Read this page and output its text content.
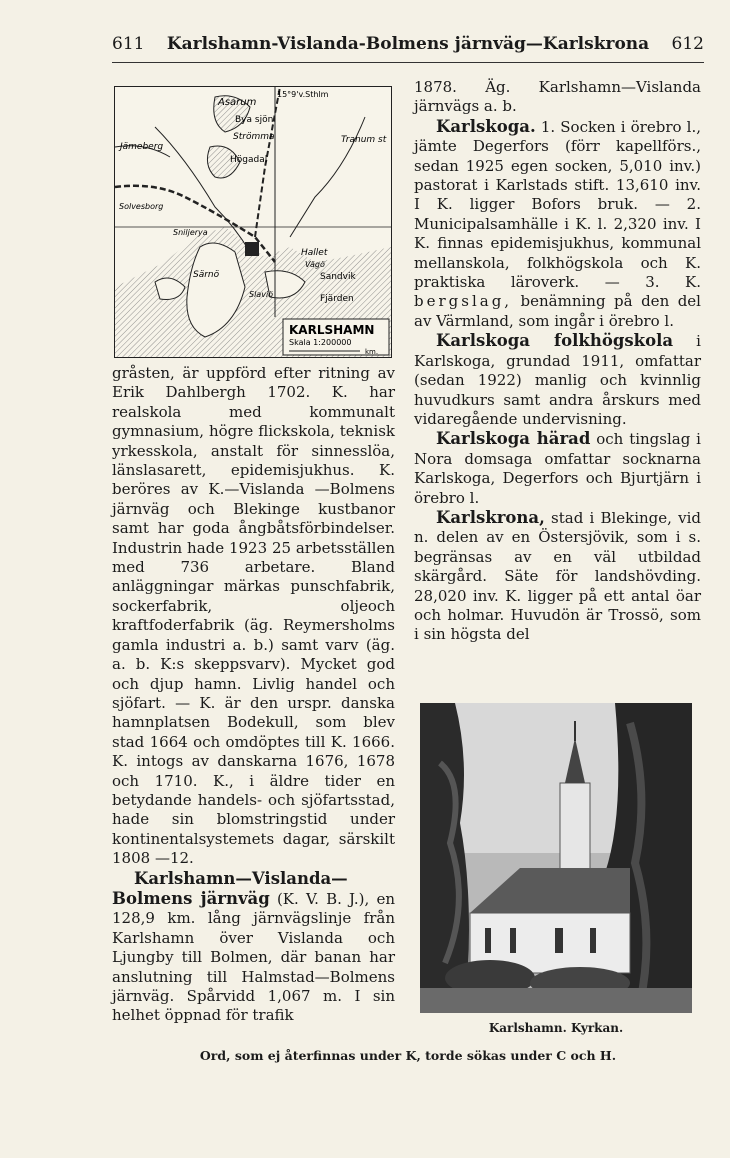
611 Karlshamn-Vislanda-Bolmens järnväg—Karlskrona 612
Asarum
Bya sjön
Strömma
Jämeberg
Högadal
Tranum st
Solvesborg
Sniljerya
Hallet
Vägö
Särnö	Sandvik
Fjärden
Slaviö
15°9'v.Sthlm
KARLSHAMN
Skala 1:200000
km.

gråsten, är uppförd efter ritning av Erik Dahlbergh 1702. K. har realskola med kommunalt gymnasium, högre flickskola, teknisk yrkesskola, anstalt för sinnesslöa, länslasarett, epidemisjukhus. K. beröres av K.—Vislanda —Bolmens järnväg och Blekinge kustbanor samt har goda ångbåtsförbindelser. Industrin hade 1923 25 arbetsställen med 736 arbetare. Bland anläggningar märkas punschfabrik, sockerfabrik, oljeoch kraftfoderfabrik (äg. Reymersholms gamla industri a. b.) samt varv (äg. a. b. K:s skeppsvarv). Mycket god och djup hamn. Livlig handel och sjöfart. — K. är den urspr. danska hamnplatsen Bodekull, som blev stad 1664 och omdöptes till K. 1666. K. intogs av danskarna 1676, 1678 och 1710. K., i äldre tider en betydande handels- och sjöfartsstad, hade sin blomstringstid under kontinentalsystemets dagar, särskilt 1808 —12.

Karlshamn—Vislanda—Bolmens järnväg (K. V. B. J.), en 128,9 km. lång järnvägslinje från Karlshamn över Vislanda och Ljungby till Bolmen, där banan har anslutning till Halmstad—Bolmens järnväg. Spårvidd 1,067 m. I sin helhet öppnad för trafik

1878. Äg. Karlshamn—Vislanda järnvägs a. b.

Karlskoga. 1. Socken i örebro l., jämte Degerfors (förr kapellförs., sedan 1925 egen socken, 5,010 inv.) pastorat i Karlstads stift. 13,610 inv. I K. ligger Bofors bruk. — 2. Municipalsamhälle i K. l. 2,320 inv. I K. finnas epidemisjukhus, kommunal mellanskola, folkhögskola och K. praktiska läroverk. — 3. K. bergslag, benämning på den del av Värmland, som ingår i örebro l.

Karlskoga folkhögskola i Karlskoga, grundad 1911, omfattar (sedan 1922) manlig och kvinnlig huvudkurs samt andra årskurs med vidaregående undervisning.

Karlskoga härad och tingslag i Nora domsaga omfattar socknarna Karlskoga, Degerfors och Bjurtjärn i örebro l.

Karlskrona, stad i Blekinge, vid n. delen av en Östersjövik, som i s. begränsas av en väl utbildad skärgård. Säte för landshövding. 28,020 inv. K. ligger på ett antal öar och holmar. Huvudön är Trossö, som i sin högsta del

Karlshamn. Kyrkan.
Ord, som ej återfinnas under K, torde sökas under C och H.
